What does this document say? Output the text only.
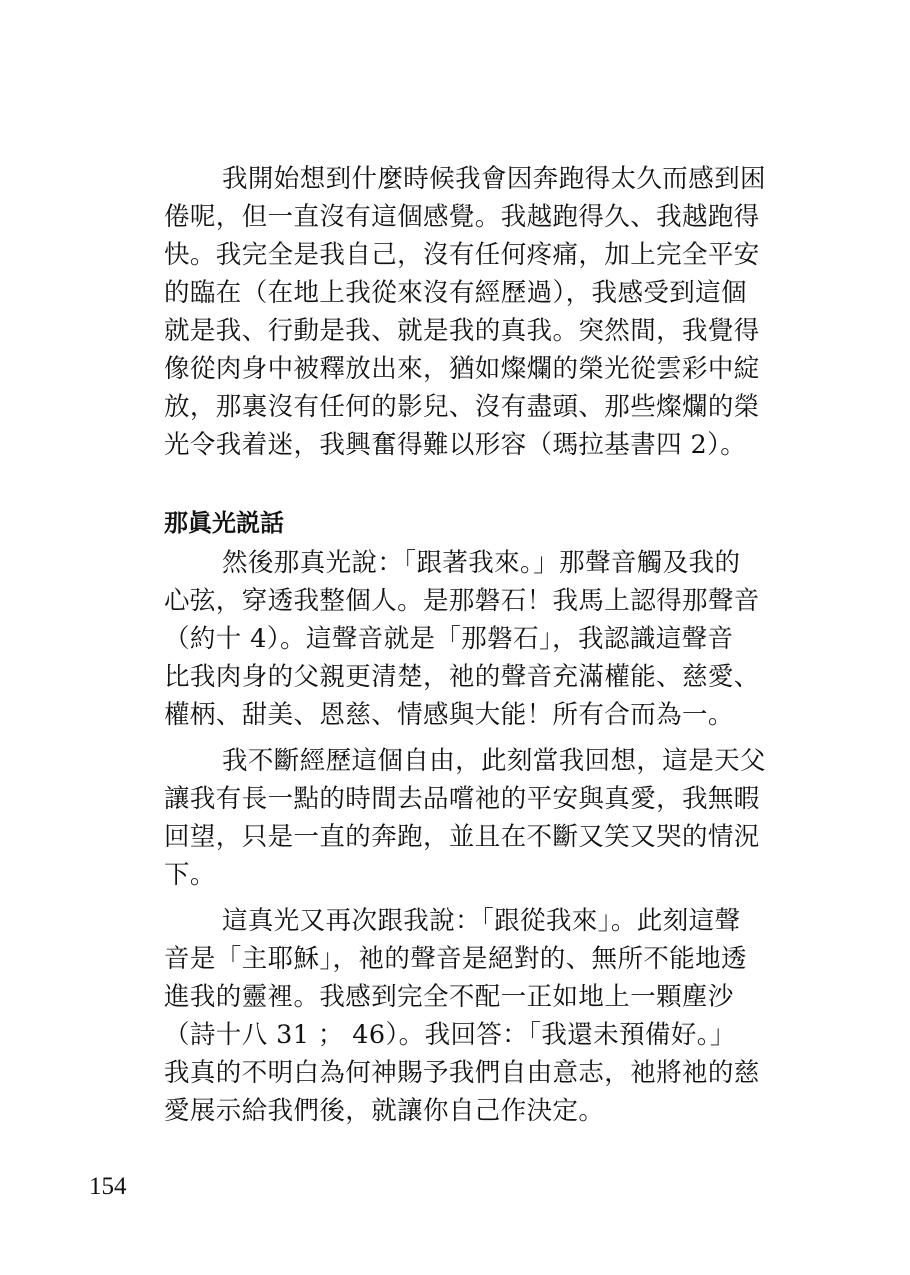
我開始想到什麼時候我會因奔跑得太久而感到困
倦呢，但一直沒有這個感覺。我越跑得久、我越跑得
快。我完全是我自己，沒有任何疼痛，加上完全平安
的臨在（在地上我從來沒有經歷過），我感受到這個
就是我、行動是我、就是我的真我。突然間，我覺得
像從肉身中被釋放出來，猶如燦爛的榮光從雲彩中綻
放，那裏沒有任何的影兒、沒有盡頭、那些燦爛的榮
光令我着迷，我興奮得難以形容（瑪拉基書四 2）。

那眞光説話

然後那真光說：「跟著我來。」那聲音觸及我的
心弦，穿透我整個人。是那磐石！我馬上認得那聲音
（約十 4）。這聲音就是「那磐石」，我認識這聲音
比我肉身的父親更清楚，祂的聲音充滿權能、慈愛、
權柄、甜美、恩慈、情感與大能！所有合而為一。

我不斷經歷這個自由，此刻當我回想，這是天父
讓我有長一點的時間去品嚐祂的平安與真愛，我無暇
回望，只是一直的奔跑，並且在不斷又笑又哭的情況
下。

這真光又再次跟我說：「跟從我來」。此刻這聲
音是「主耶穌」，祂的聲音是絕對的、無所不能地透
進我的靈裡。我感到完全不配一正如地上一顆塵沙
（詩十八 31 ； 46）。我回答：「我還未預備好。」
我真的不明白為何神賜予我們自由意志，祂將祂的慈
愛展示給我們後，就讓你自己作決定。

154
